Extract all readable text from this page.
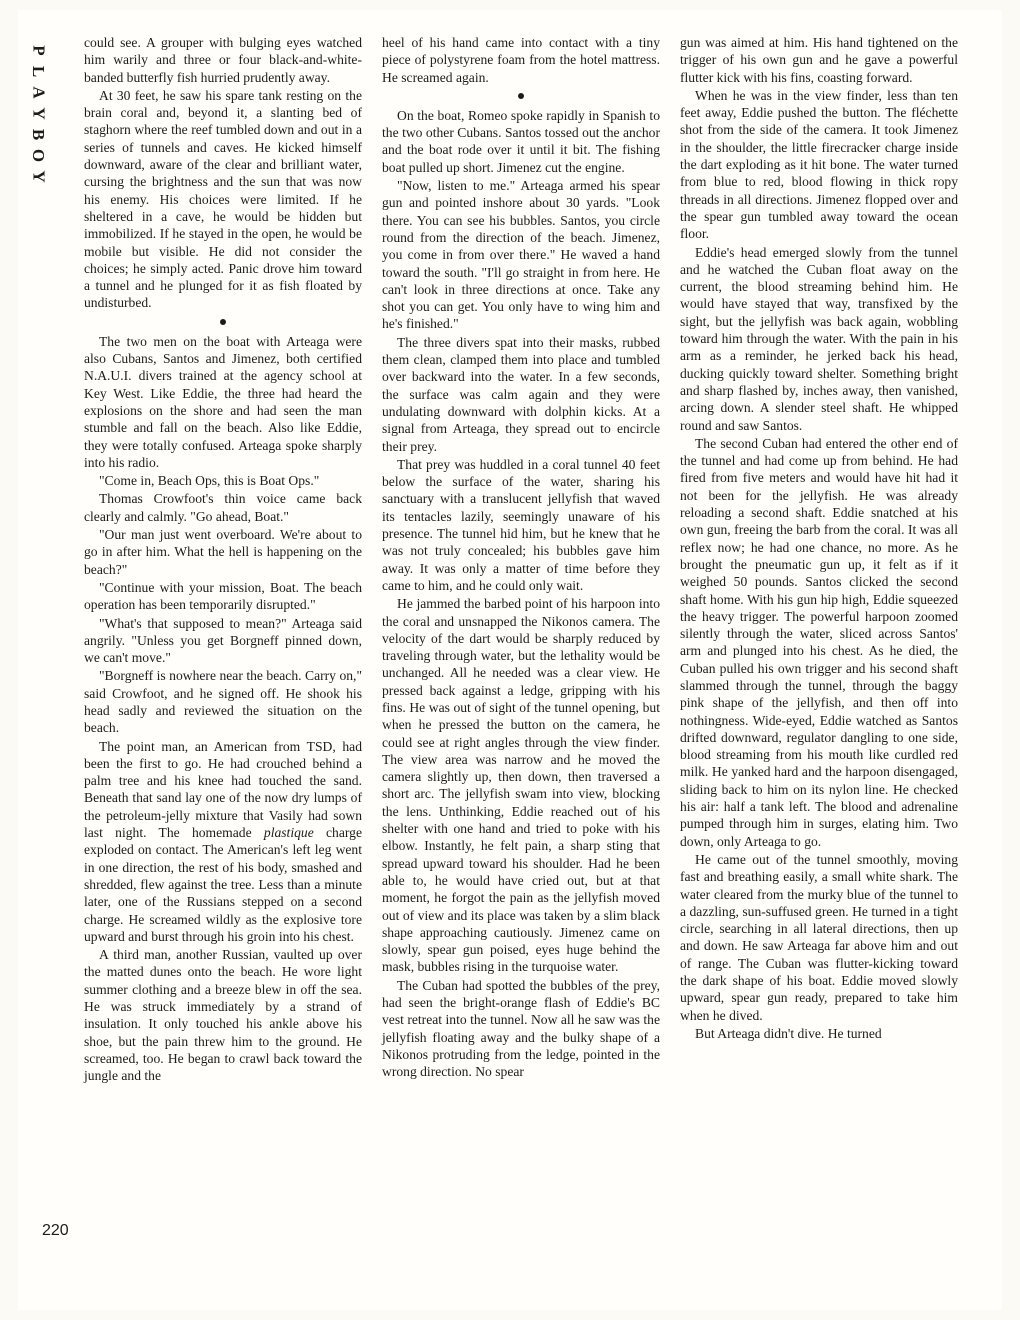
P
L
A
Y
B
O
Y
220

could see. A grouper with bulging eyes watched him warily and three or four black-and-white-banded butterfly fish hurried prudently away.

At 30 feet, he saw his spare tank resting on the brain coral and, beyond it, a slanting bed of staghorn where the reef tumbled down and out in a series of tunnels and caves. He kicked himself downward, aware of the clear and brilliant water, cursing the brightness and the sun that was now his enemy. His choices were limited. If he sheltered in a cave, he would be hidden but immobilized. If he stayed in the open, he would be mobile but visible. He did not consider the choices; he simply acted. Panic drove him toward a tunnel and he plunged for it as fish floated by undisturbed.

The two men on the boat with Arteaga were also Cubans, Santos and Jimenez, both certified N.A.U.I. divers trained at the agency school at Key West. Like Eddie, the three had heard the explosions on the shore and had seen the man stumble and fall on the beach. Also like Eddie, they were totally confused. Arteaga spoke sharply into his radio.

"Come in, Beach Ops, this is Boat Ops."

Thomas Crowfoot's thin voice came back clearly and calmly. "Go ahead, Boat."

"Our man just went overboard. We're about to go in after him. What the hell is happening on the beach?"

"Continue with your mission, Boat. The beach operation has been temporarily disrupted."

"What's that supposed to mean?" Arteaga said angrily. "Unless you get Borgneff pinned down, we can't move."

"Borgneff is nowhere near the beach. Carry on," said Crowfoot, and he signed off. He shook his head sadly and reviewed the situation on the beach.

The point man, an American from TSD, had been the first to go. He had crouched behind a palm tree and his knee had touched the sand. Beneath that sand lay one of the now dry lumps of the petroleum-jelly mixture that Vasily had sown last night. The homemade plastique charge exploded on contact. The American's left leg went in one direction, the rest of his body, smashed and shredded, flew against the tree. Less than a minute later, one of the Russians stepped on a second charge. He screamed wildly as the explosive tore upward and burst through his groin into his chest.

A third man, another Russian, vaulted up over the matted dunes onto the beach. He wore light summer clothing and a breeze blew in off the sea. He was struck immediately by a strand of insulation. It only touched his ankle above his shoe, but the pain threw him to the ground. He screamed, too. He began to crawl back toward the jungle and the

heel of his hand came into contact with a tiny piece of polystyrene foam from the hotel mattress. He screamed again.

On the boat, Romeo spoke rapidly in Spanish to the two other Cubans. Santos tossed out the anchor and the boat rode over it until it bit. The fishing boat pulled up short. Jimenez cut the engine.

"Now, listen to me." Arteaga armed his spear gun and pointed inshore about 30 yards. "Look there. You can see his bubbles. Santos, you circle round from the direction of the beach. Jimenez, you come in from over there." He waved a hand toward the south. "I'll go straight in from here. He can't look in three directions at once. Take any shot you can get. You only have to wing him and he's finished."

The three divers spat into their masks, rubbed them clean, clamped them into place and tumbled over backward into the water. In a few seconds, the surface was calm again and they were undulating downward with dolphin kicks. At a signal from Arteaga, they spread out to encircle their prey.

That prey was huddled in a coral tunnel 40 feet below the surface of the water, sharing his sanctuary with a translucent jellyfish that waved its tentacles lazily, seemingly unaware of his presence. The tunnel hid him, but he knew that he was not truly concealed; his bubbles gave him away. It was only a matter of time before they came to him, and he could only wait.

He jammed the barbed point of his harpoon into the coral and unsnapped the Nikonos camera. The velocity of the dart would be sharply reduced by traveling through water, but the lethality would be unchanged. All he needed was a clear view. He pressed back against a ledge, gripping with his fins. He was out of sight of the tunnel opening, but when he pressed the button on the camera, he could see at right angles through the view finder. The view area was narrow and he moved the camera slightly up, then down, then traversed a short arc. The jellyfish swam into view, blocking the lens. Unthinking, Eddie reached out of his shelter with one hand and tried to poke with his elbow. Instantly, he felt pain, a sharp sting that spread upward toward his shoulder. Had he been able to, he would have cried out, but at that moment, he forgot the pain as the jellyfish moved out of view and its place was taken by a slim black shape approaching cautiously. Jimenez came on slowly, spear gun poised, eyes huge behind the mask, bubbles rising in the turquoise water.

The Cuban had spotted the bubbles of the prey, had seen the bright-orange flash of Eddie's BC vest retreat into the tunnel. Now all he saw was the jellyfish floating away and the bulky shape of a Nikonos protruding from the ledge, pointed in the wrong direction. No spear

gun was aimed at him. His hand tightened on the trigger of his own gun and he gave a powerful flutter kick with his fins, coasting forward.

When he was in the view finder, less than ten feet away, Eddie pushed the button. The fléchette shot from the side of the camera. It took Jimenez in the shoulder, the little firecracker charge inside the dart exploding as it hit bone. The water turned from blue to red, blood flowing in thick ropy threads in all directions. Jimenez flopped over and the spear gun tumbled away toward the ocean floor.

Eddie's head emerged slowly from the tunnel and he watched the Cuban float away on the current, the blood streaming behind him. He would have stayed that way, transfixed by the sight, but the jellyfish was back again, wobbling toward him through the water. With the pain in his arm as a reminder, he jerked back his head, ducking quickly toward shelter. Something bright and sharp flashed by, inches away, then vanished, arcing down. A slender steel shaft. He whipped round and saw Santos.

The second Cuban had entered the other end of the tunnel and had come up from behind. He had fired from five meters and would have hit had it not been for the jellyfish. He was already reloading a second shaft. Eddie snatched at his own gun, freeing the barb from the coral. It was all reflex now; he had one chance, no more. As he brought the pneumatic gun up, it felt as if it weighed 50 pounds. Santos clicked the second shaft home. With his gun hip high, Eddie squeezed the heavy trigger. The powerful harpoon zoomed silently through the water, sliced across Santos' arm and plunged into his chest. As he died, the Cuban pulled his own trigger and his second shaft slammed through the tunnel, through the baggy pink shape of the jellyfish, and then off into nothingness. Wide-eyed, Eddie watched as Santos drifted downward, regulator dangling to one side, blood streaming from his mouth like curdled red milk. He yanked hard and the harpoon disengaged, sliding back to him on its nylon line. He checked his air: half a tank left. The blood and adrenaline pumped through him in surges, elating him. Two down, only Arteaga to go.

He came out of the tunnel smoothly, moving fast and breathing easily, a small white shark. The water cleared from the murky blue of the tunnel to a dazzling, sun-suffused green. He turned in a tight circle, searching in all lateral directions, then up and down. He saw Arteaga far above him and out of range. The Cuban was flutter-kicking toward the dark shape of his boat. Eddie moved slowly upward, spear gun ready, prepared to take him when he dived.

But Arteaga didn't dive. He turned
